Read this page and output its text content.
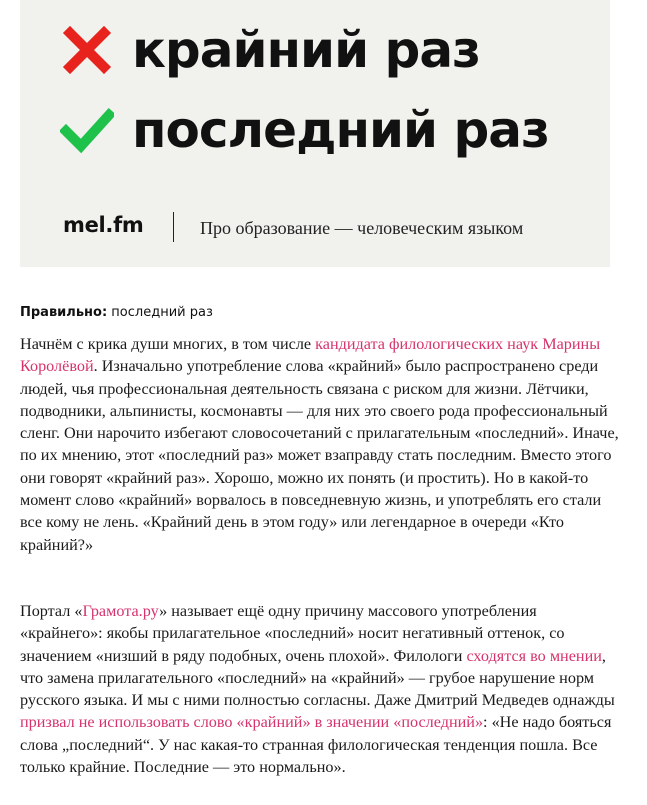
крайний раз
последний раз
mel.fm	Про образование — человеческим языком
Правильно: последний раз

Начнём с крика души многих, в том числе кандидата филологических наук Марины Королёвой. Изначально употребление слова «крайний» было распространено среди людей, чья профессиональная деятельность связана с риском для жизни. Лётчики, подводники, альпинисты, космонавты — для них это своего рода профессиональный сленг. Они нарочито избегают словосочетаний с прилагательным «последний». Иначе, по их мнению, этот «последний раз» может взаправду стать последним. Вместо этого они говорят «крайний раз». Хорошо, можно их понять (и простить). Но в какой-то момент слово «крайний» ворвалось в повседневную жизнь, и употреблять его стали все кому не лень. «Крайний день в этом году» или легендарное в очереди «Кто крайний?»

Портал «Грамота.ру» называет ещё одну причину массового употребления «крайнего»: якобы прилагательное «последний» носит негативный оттенок, со значением «низший в ряду подобных, очень плохой». Филологи сходятся во мнении, что замена прилагательного «последний» на «крайний» — грубое нарушение норм русского языка. И мы с ними полностью согласны. Даже Дмитрий Медведев однажды призвал не использовать слово «крайний» в значении «последний»: «Не надо бояться слова „последний“. У нас какая-то странная филологическая тенденция пошла. Все только крайние. Последние — это нормально».
